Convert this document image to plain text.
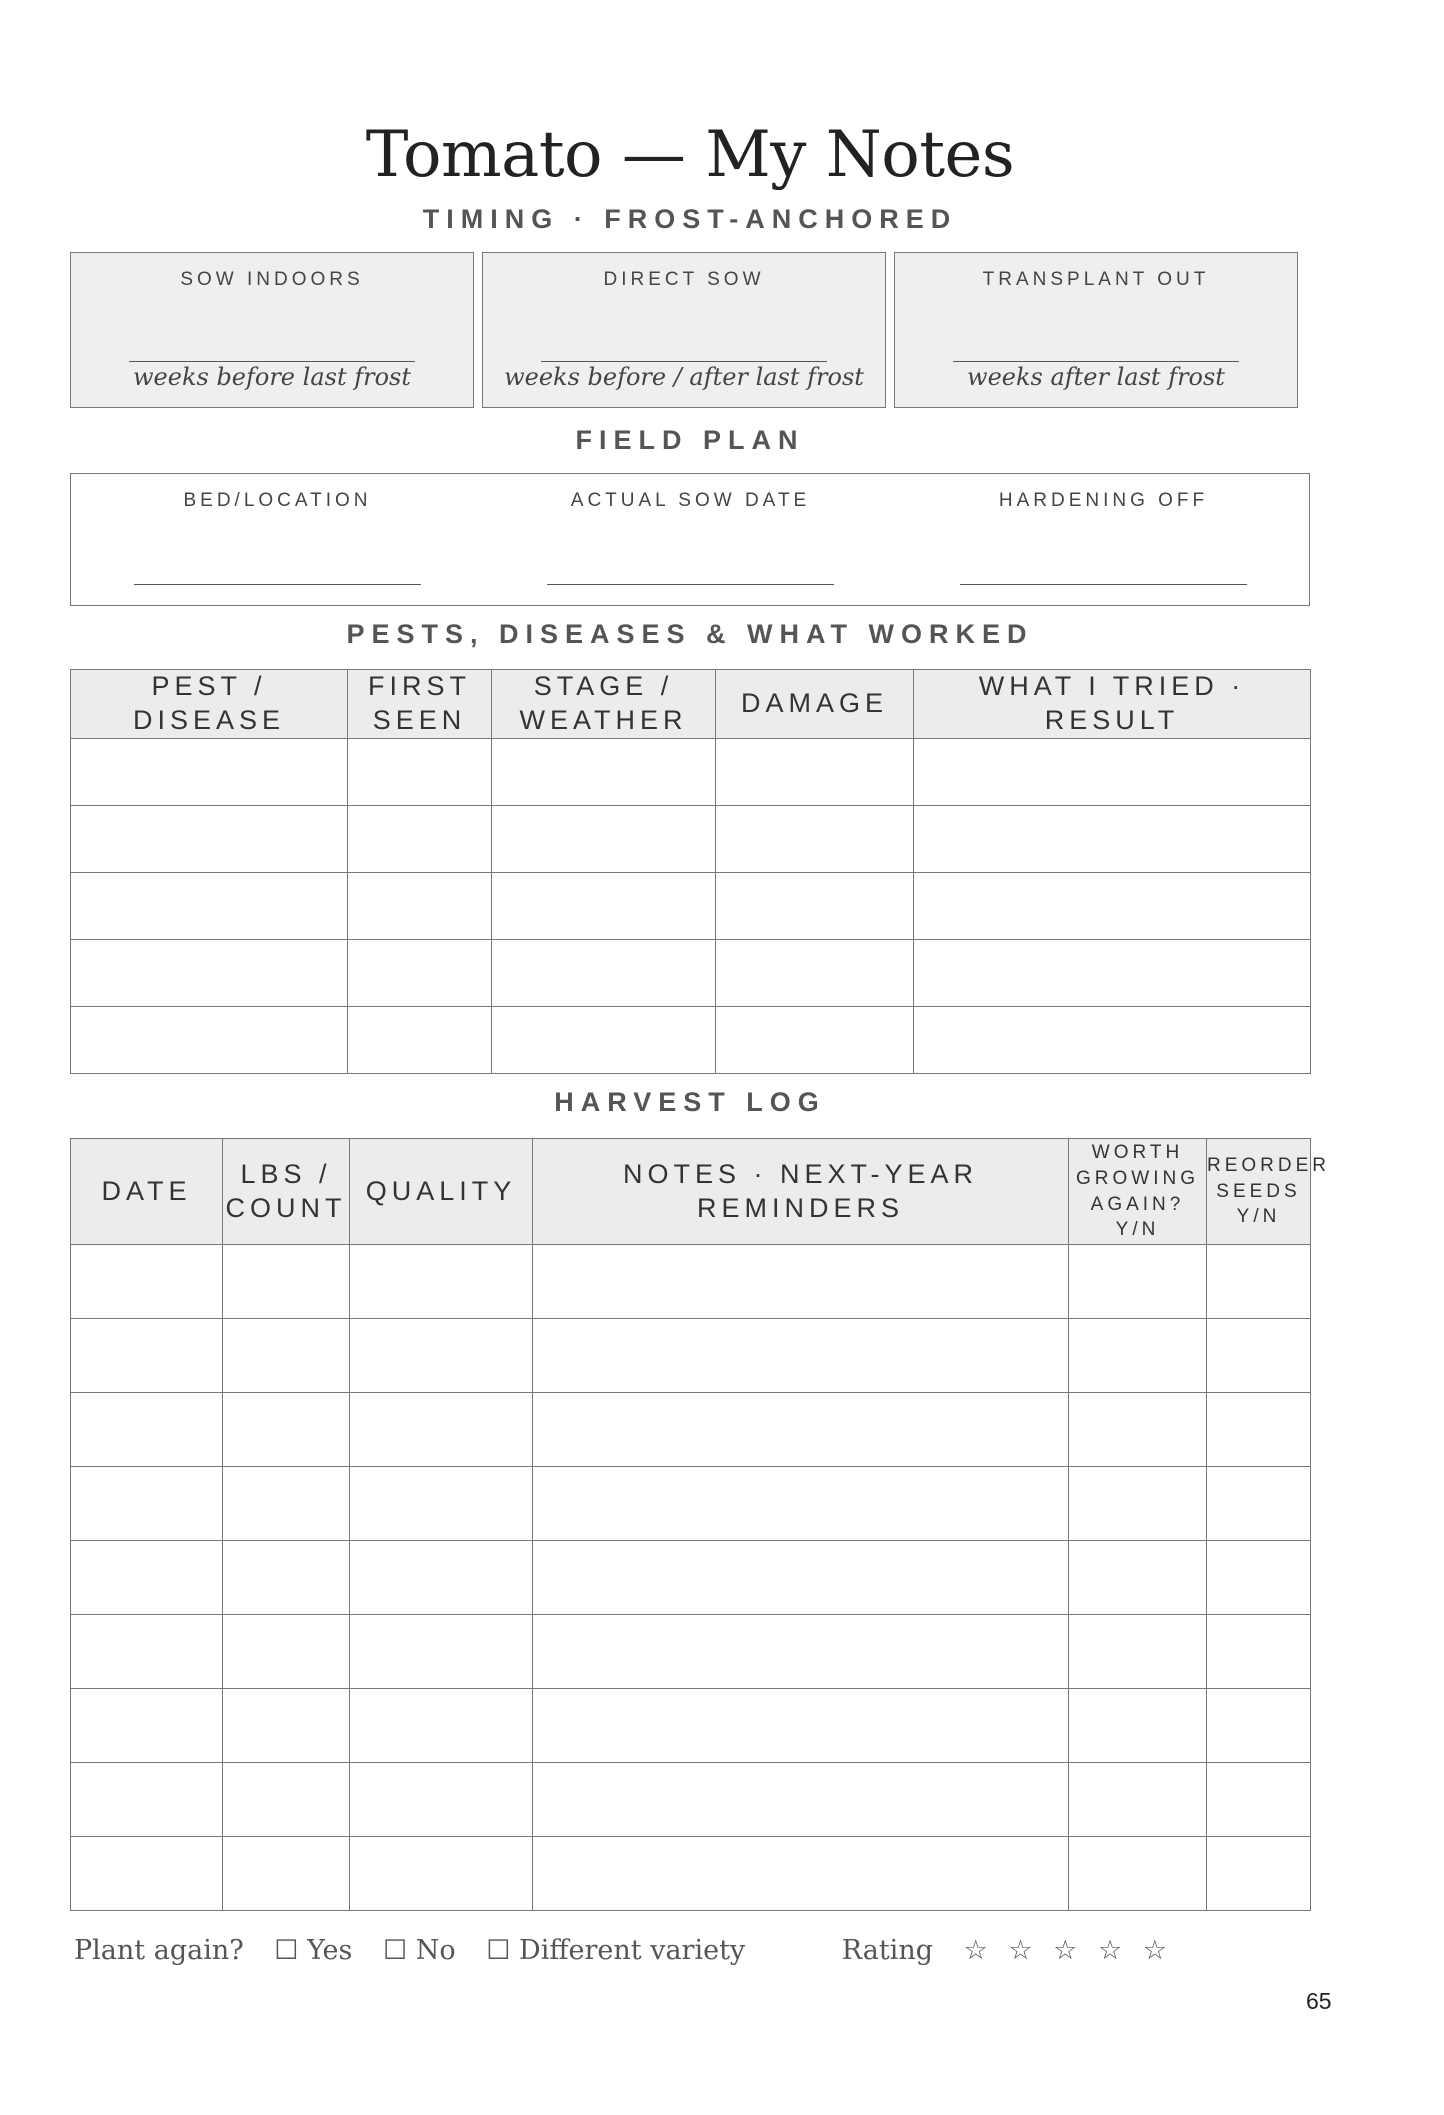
Tomato — My Notes
TIMING · FROST-ANCHORED
SOW INDOORS
weeks before last frost
DIRECT SOW
weeks before / after last frost
TRANSPLANT OUT
weeks after last frost
FIELD PLAN
BED/LOCATION	ACTUAL SOW DATE	HARDENING OFF
PESTS, DISEASES & WHAT WORKED
PEST / DISEASE	FIRST SEEN	STAGE / WEATHER	DAMAGE	WHAT I TRIED · RESULT

HARVEST LOG
DATE	LBS / COUNT	QUALITY	NOTES · NEXT-YEAR REMINDERS	WORTH GROWING AGAIN? Y/N	REORDER SEEDS Y/N

Plant again? ☐ Yes ☐ No ☐ Different variety	Rating ☆ ☆ ☆ ☆ ☆
65
